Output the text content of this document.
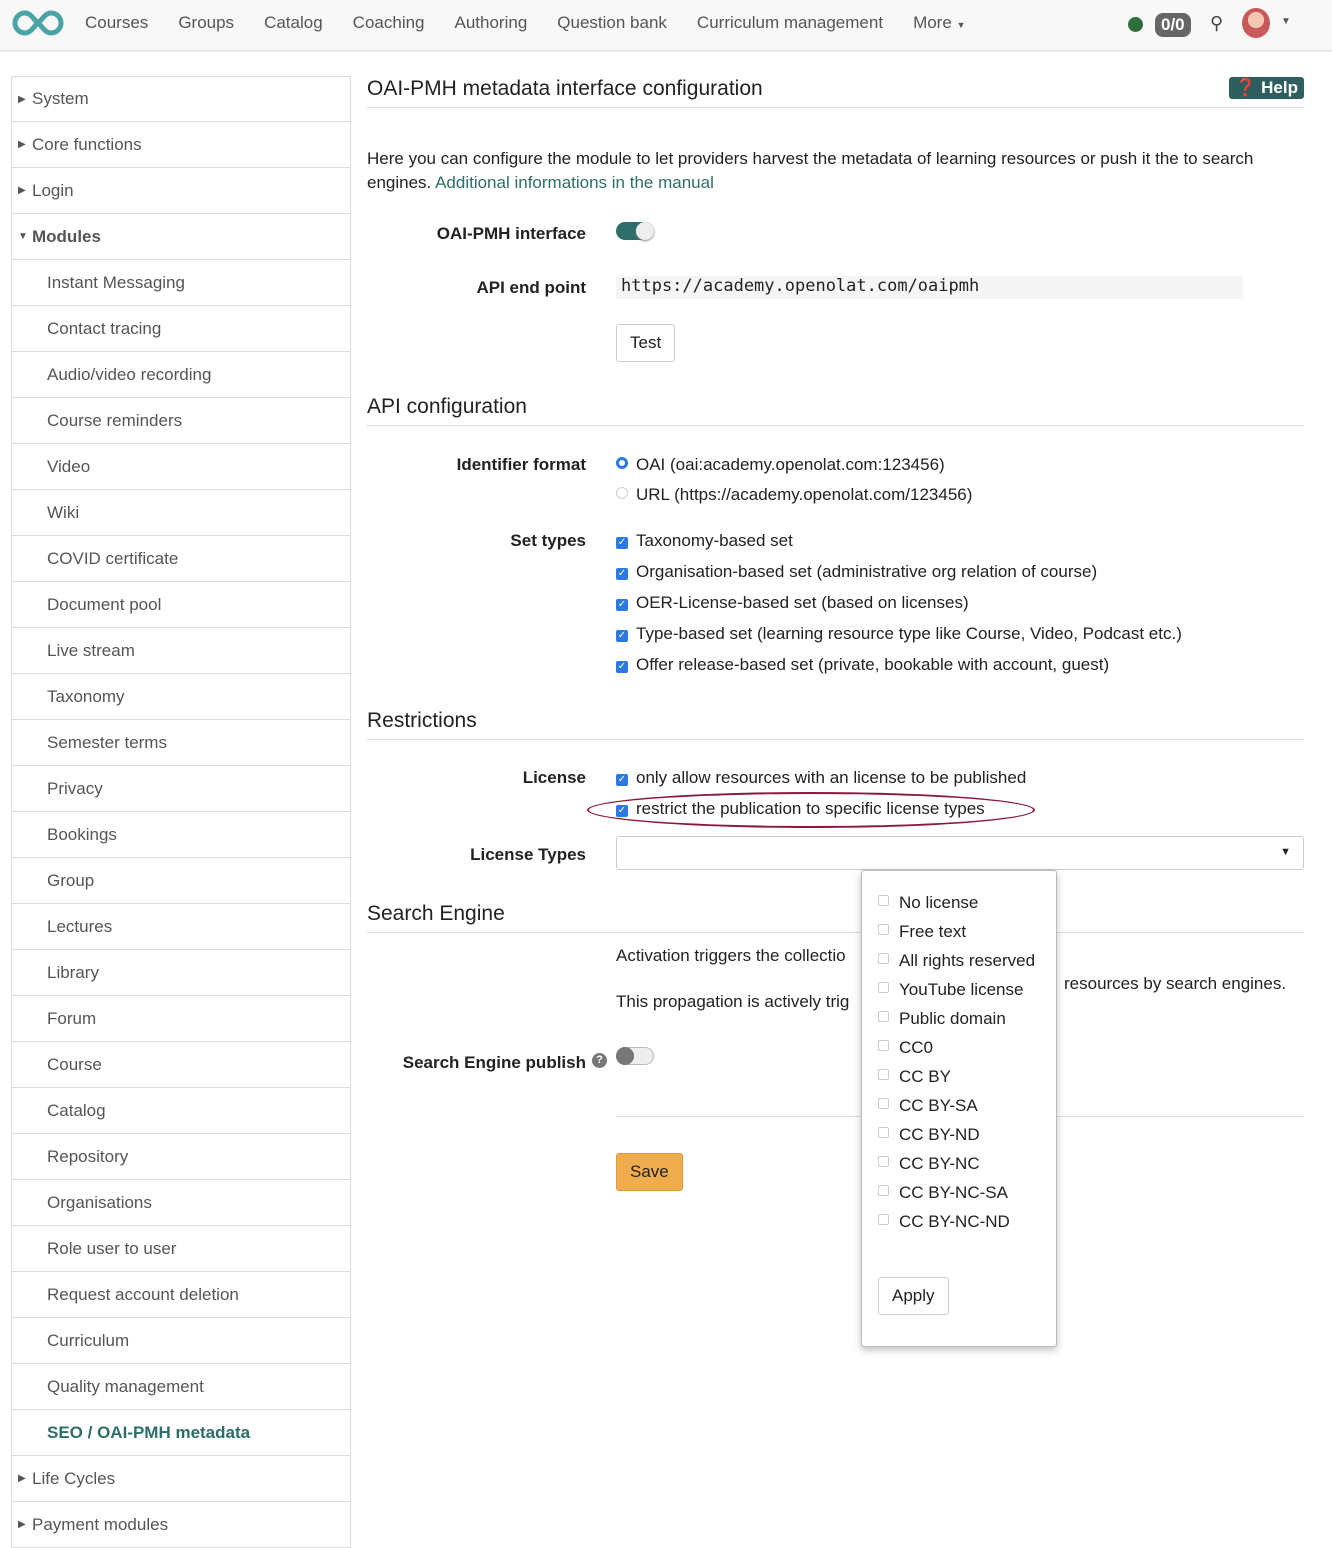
Courses Groups Catalog Coaching Authoring Question bank Curriculum management More ▼	0/0	⚲	▼
▶ System
▶ Core functions
▶ Login
▼ Modules
Instant Messaging
Contact tracing
Audio/video recording
Course reminders
Video
Wiki
COVID certificate
Document pool
Live stream
Taxonomy
Semester terms
Privacy
Bookings
Group
Lectures
Library
Forum
Course
Catalog
Repository
Organisations
Role user to user
Request account deletion
Curriculum
Quality management
SEO / OAI-PMH metadata
▶ Life Cycles
▶ Payment modules
OAI-PMH metadata interface configuration	❓ Help
Here you can configure the module to let providers harvest the metadata of learning resources or push it the to search engines. Additional informations in the manual
OAI-PMH interface
API end point https://academy.openolat.com/oaipmh
Test
API configuration
Identifier format	OAI (oai:academy.openolat.com:123456)
URL (https://academy.openolat.com/123456)
Set types	✓ Taxonomy-based set
✓ Organisation-based set (administrative org relation of course)
✓ OER-License-based set (based on licenses)
✓ Type-based set (learning resource type like Course, Video, Podcast etc.)
✓ Offer release-based set (private, bookable with account, guest)
Restrictions
License	✓ only allow resources with an license to be published
✓ restrict the publication to specific license types
License Types	▼
Search Engine
Activation triggers the collectio
resources by search engines.
This propagation is actively trig
Search Engine publish ?
Save
Apply
No license
Free text
All rights reserved
YouTube license
Public domain
CC0
CC BY
CC BY-SA
CC BY-ND
CC BY-NC
CC BY-NC-SA
CC BY-NC-ND
